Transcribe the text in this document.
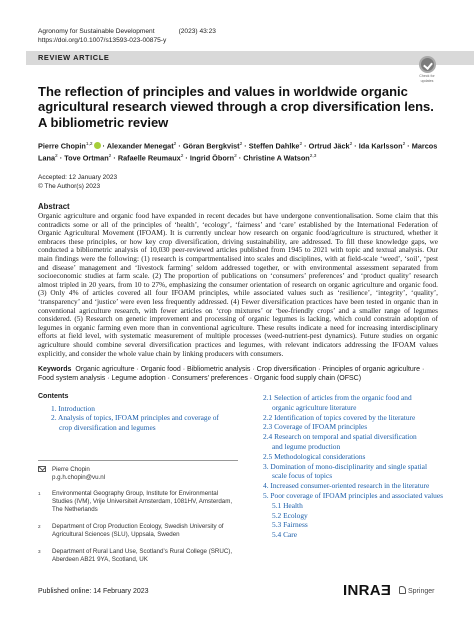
Agronomy for Sustainable Development	(2023) 43:23
https://doi.org/10.1007/s13593-023-00875-y
REVIEW ARTICLE
Check for
updates
The reflection of principles and values in worldwide organic agricultural research viewed through a crop diversification lens. A bibliometric review
Pierre Chopin$^{1,2}$ · Alexander Menegat$^2$ · Göran Bergkvist$^2$ · Steffen Dahlke$^2$ · Ortrud Jäck$^2$ · Ida Karlsson$^2$ · Marcos Lana$^2$ · Tove Ortman$^2$ · Rafaelle Reumaux$^2$ · Ingrid Öborn$^2$ · Christine A Watson$^{2,3}$
Accepted: 12 January 2023
© The Author(s) 2023
Abstract

Organic agriculture and organic food have expanded in recent decades but have undergone conventionalisation. Some claim that this contradicts some or all of the principles of ‘health’, ‘ecology’, ‘fairness’ and ‘care’ established by the International Federation of Organic Agricultural Movement (IFOAM). It is currently unclear how research on organic food/agriculture is structured, whether it embraces these principles, or how key crop diversification, driving sustainability, are addressed. To fill these knowledge gaps, we conducted a bibliometric analysis of 10,030 peer-reviewed articles published from 1945 to 2021 with topic and textual analysis. Our main findings were the following: (1) research is compartmentalised into scales and disciplines, with at field-scale ‘weed’, ‘soil’, ‘pest and disease’ management and ‘livestock farming’ seldom addressed together, or with environmental assessment separated from socioeconomic studies at farm scale. (2) The proportion of publications on ‘consumers’ preferences’ and ‘product quality’ research almost tripled in 20 years, from 10 to 27%, emphasizing the consumer orientation of research on organic agriculture and organic food. (3) Only 4% of articles covered all four IFOAM principles, while associated values such as ‘resilience’, ‘integrity’, ‘quality’, ‘transparency’ and ‘justice’ were even less frequently addressed. (4) Fewer diversification practices have been tested in organic than in conventional agriculture research, with fewer articles on ‘crop mixtures’ or ‘bee-friendly crops’ and a smaller range of legumes considered. (5) Research on genetic improvement and processing of organic legumes is lacking, which could constrain adoption of legumes in organic farming even more than in conventional agriculture. These results indicate a need for increasing interdisciplinary efforts at field level, with systematic measurement of multiple processes (weed-nutrient-pest dynamics). Future studies on organic agriculture should combine several diversification practices and legumes, with relevant indicators addressing the IFOAM values explicitly, and consider the whole value chain by linking producers with consumers.

Keywords Organic agriculture · Organic food · Bibliometric analysis · Crop diversification · Principles of organic agriculture · Food system analysis · Legume adoption · Consumers’ preferences · Organic food supply chain (OFSC)
Contents
1. Introduction
2. Analysis of topics, IFOAM principles and coverage of
crop diversification and legumes
2.1 Selection of articles from the organic food and
organic agriculture literature
2.2 Identification of topics covered by the literature
2.3 Coverage of IFOAM principles
2.4 Research on temporal and spatial diversification
and legume production
2.5 Methodological considerations
3. Domination of mono-disciplinarity and single spatial
scale focus of topics
4. Increased consumer-oriented research in the literature
5. Poor coverage of IFOAM principles and associated values
5.1 Health
5.2 Ecology
5.3 Fairness
5.4 Care
Pierre Chopin
p.g.h.chopin@vu.nl
1	Environmental Geography Group, Institute for Environmental Studies (IVM), Vrije Universiteit Amsterdam, 1081HV, Amsterdam, The Netherlands
2	Department of Crop Production Ecology, Swedish University of Agricultural Sciences (SLU), Uppsala, Sweden
3	Department of Rural Land Use, Scotland’s Rural College (SRUC), Aberdeen AB21 9YA, Scotland, UK
Published online: 14 February 2023	INRAƎ	Springer
